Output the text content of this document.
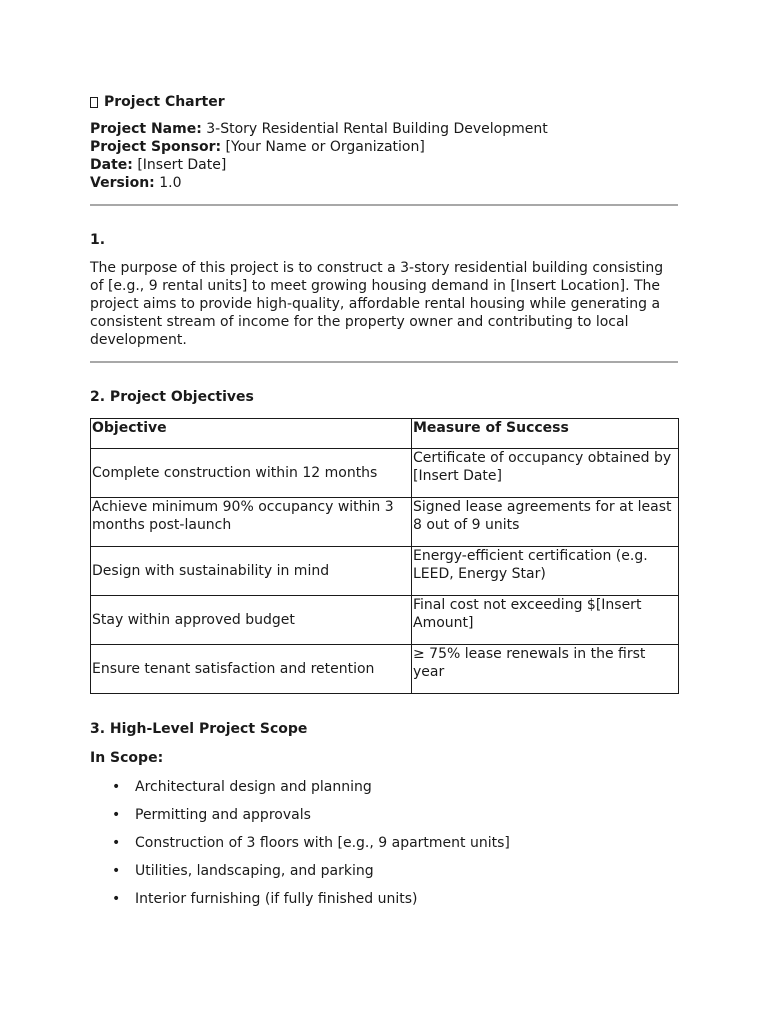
Project Charter
Project Name: 3-Story Residential Rental Building Development
Project Sponsor: [Your Name or Organization]
Date: [Insert Date]
Version: 1.0
1.
The purpose of this project is to construct a 3-story residential building consisting of [e.g., 9 rental units] to meet growing housing demand in [Insert Location]. The project aims to provide high-quality, affordable rental housing while generating a consistent stream of income for the property owner and contributing to local development.
2. Project Objectives
Objective	Measure of Success
Complete construction within 12 months	Certificate of occupancy obtained by [Insert Date]
Achieve minimum 90% occupancy within 3 months post-launch	Signed lease agreements for at least 8 out of 9 units
Design with sustainability in mind	Energy-efficient certification (e.g. LEED, Energy Star)
Stay within approved budget	Final cost not exceeding $[Insert Amount]
Ensure tenant satisfaction and retention	≥ 75% lease renewals in the first year
3. High-Level Project Scope
In Scope:
• Architectural design and planning
• Permitting and approvals
• Construction of 3 floors with [e.g., 9 apartment units]
• Utilities, landscaping, and parking
• Interior furnishing (if fully finished units)
